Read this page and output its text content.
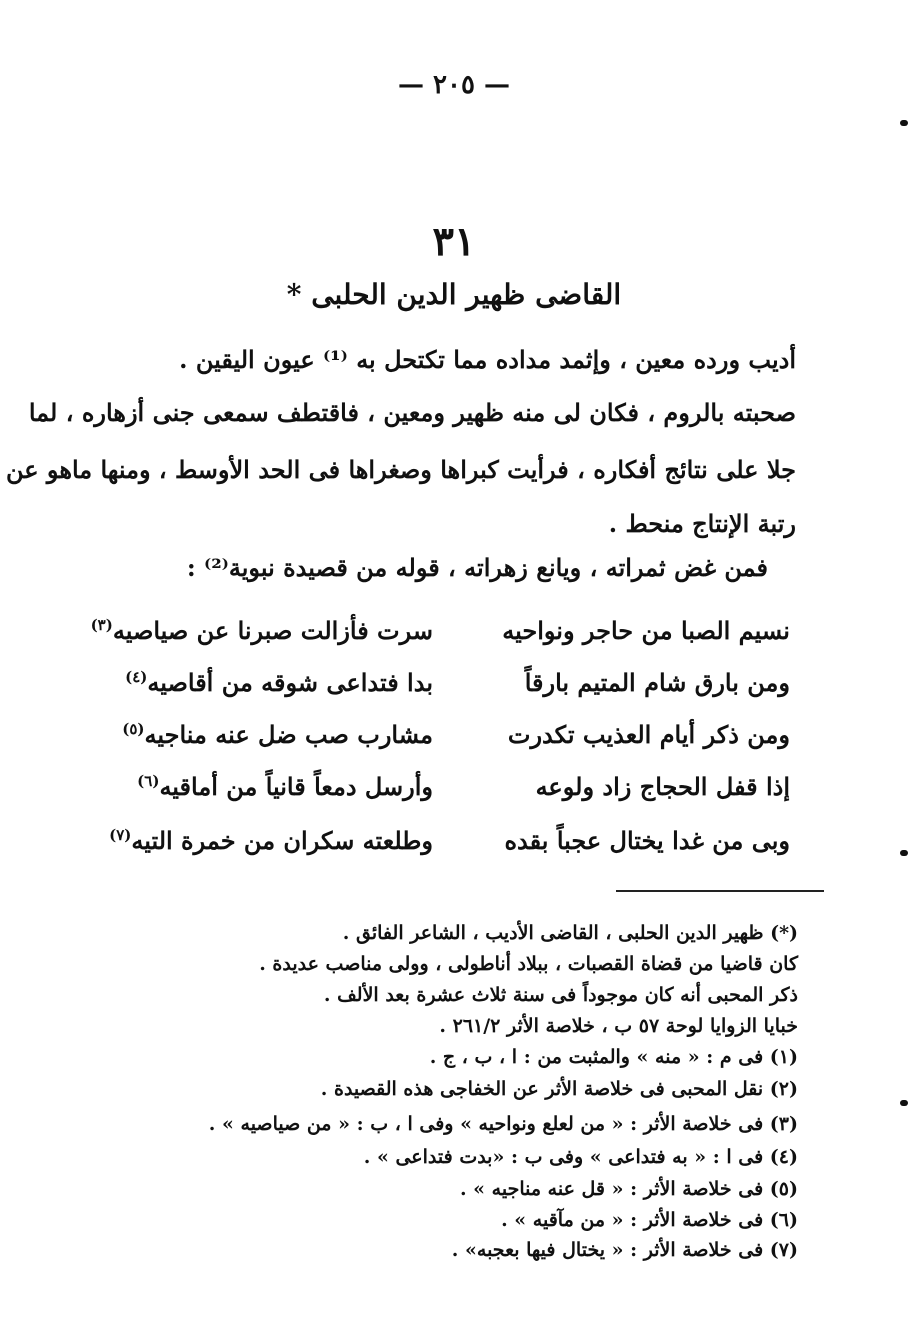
— ٢٠٥ —
٣١
القاضى ظهير الدين الحلبى *
أديب ورده معين ، وإثمد مداده مما تكتحل به ⁽¹⁾ عيون اليقين .
صحبته بالروم ، فكان لى منه ظهير ومعين ، فاقتطف سمعى جنى أزهاره ، لما
جلا على نتائج أفكاره ، فرأيت كبراها وصغراها فى الحد الأوسط ، ومنها ماهو عن
رتبة الإنتاج منحط .
فمن غض ثمراته ، ويانع زهراته ، قوله من قصيدة نبوية⁽²⁾ :
نسيم الصبا من حاجر ونواحيه
سرت فأزالت صبرنا عن صياصيه$^{(٣)}$
ومن بارق شام المتيم بارقاً
بدا فتداعى شوقه من أقاصيه$^{(٤)}$
ومن ذكر أيام العذيب تكدرت
مشارب صب ضل عنه مناجيه$^{(٥)}$
إذا قفل الحجاج زاد ولوعه
وأرسل دمعاً قانياً من أماقيه$^{(٦)}$
وبى من غدا يختال عجباً بقده
وطلعته سكران من خمرة التيه$^{(٧)}$
(*) ظهير الدين الحلبى ، القاضى الأديب ، الشاعر الفائق .
كان قاضيا من قضاة القصبات ، ببلاد أناطولى ، وولى مناصب عديدة .
ذكر المحبى أنه كان موجوداً فى سنة ثلاث عشرة بعد الألف .
خبايا الزوايا لوحة ٥٧ ب ، خلاصة الأثر ٢٦١/٢ .
(١) فى م : « منه » والمثبت من : ا ، ب ، ج .
(٢) نقل المحبى فى خلاصة الأثر عن الخفاجى هذه القصيدة .
(٣) فى خلاصة الأثر : « من لعلع ونواحيه » وفى ا ، ب : « من صياصيه » .
(٤) فى ا : « به فتداعى » وفى ب : «بدت فتداعى » .
(٥) فى خلاصة الأثر : « قل عنه مناجيه » .
(٦) فى خلاصة الأثر : « من مآقيه » .
(٧) فى خلاصة الأثر : « يختال فيها بعجبه» .
